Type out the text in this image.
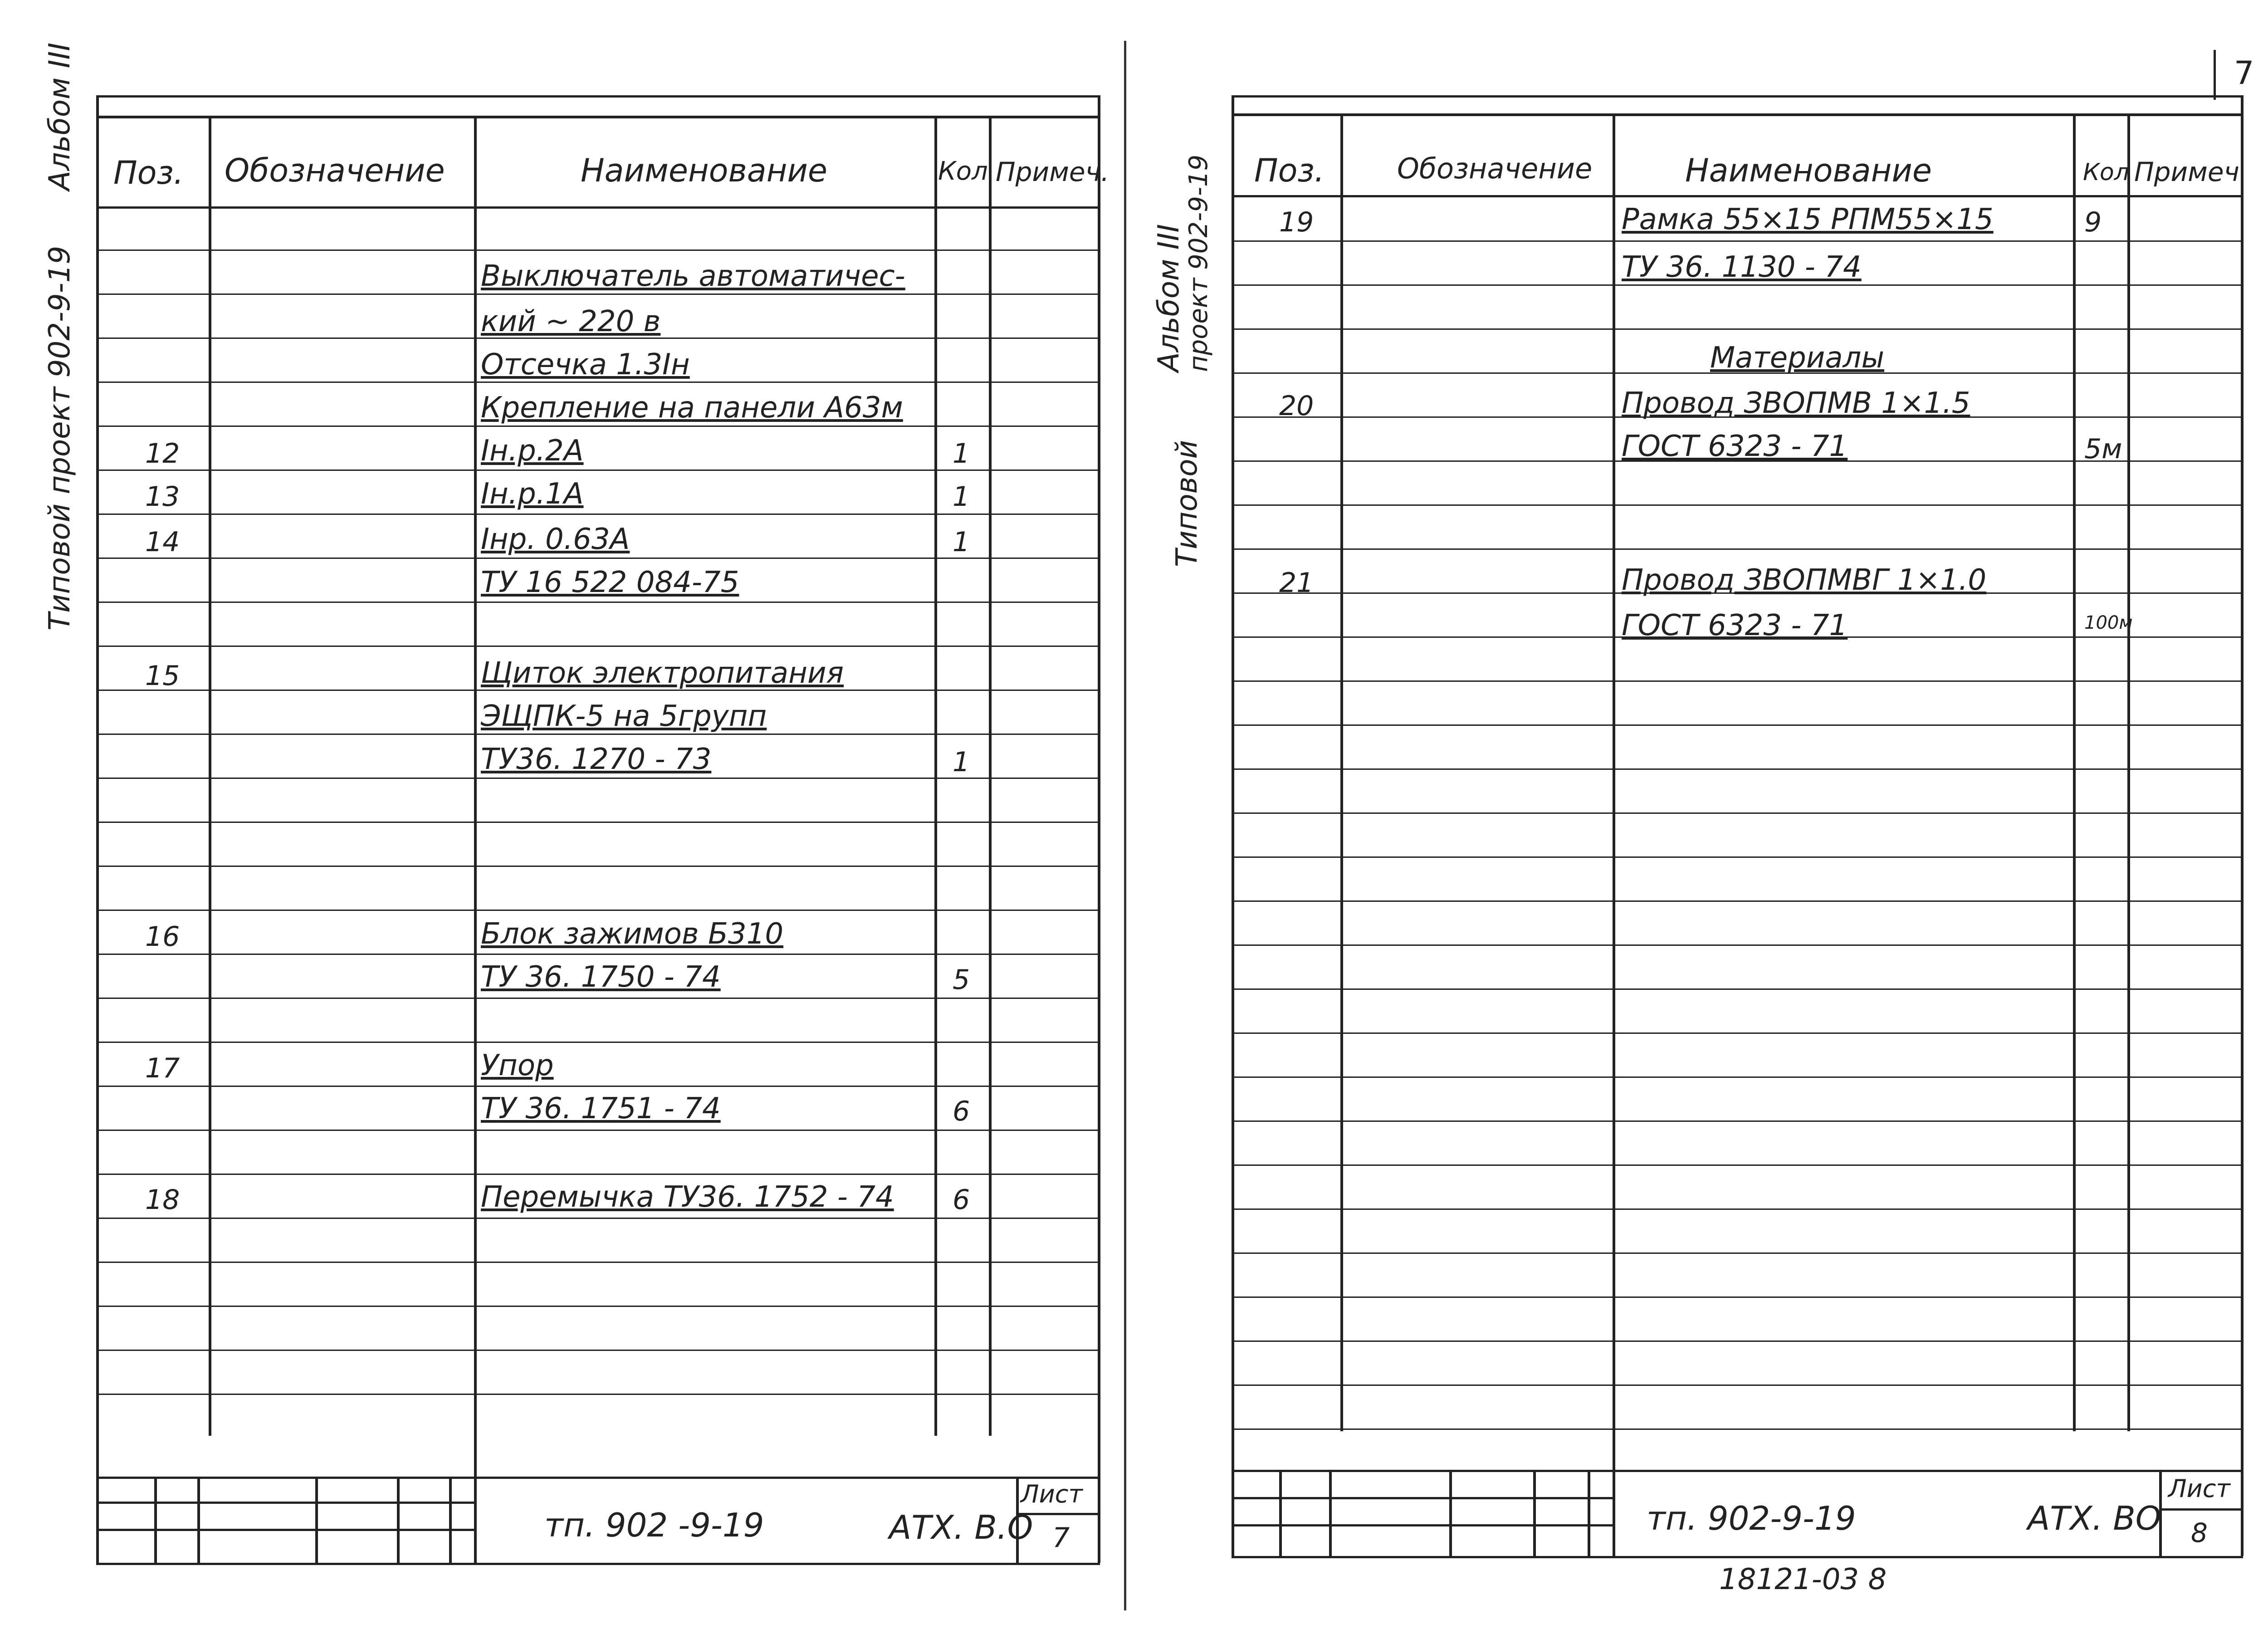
Альбом III
Типовой проект 902-9-19
Поз. Обозначение	Наименование	Кол Примеч.
Выключатель автоматичес-
кий ~ 220 в
Отсечка 1.3Iн
Крепление на панели А63м
12	Iн.р.2А	1
13	Iн.р.1А	1
14	Iнр. 0.63А	1
ТУ 16 522 084-75
15	Щиток электропитания
ЭЩПК-5 на 5групп
ТУ36. 1270 - 73	1
16	Блок зажимов Б310
ТУ 36. 1750 - 74	5
17	Упор
ТУ 36. 1751 - 74	6
18	Перемычка ТУ36. 1752 - 74 6
тп. 902 -9-19	АТХ. В.О
Лист
7
7
Альбом III
проект 902-9-19
Типовой
Поз.	Обозначение	Наименование	Кол Примеч
19	Рамка 55×15 РПМ55×15	9
ТУ 36. 1130 - 74
Материалы
20	Провод ЗВОПМВ 1×1.5
ГОСТ 6323 - 71	5м
21	Провод ЗВОПМВГ 1×1.0
ГОСТ 6323 - 71	100м
тп. 902-9-19	АТХ. ВО
Лист
8
18121-03 8
